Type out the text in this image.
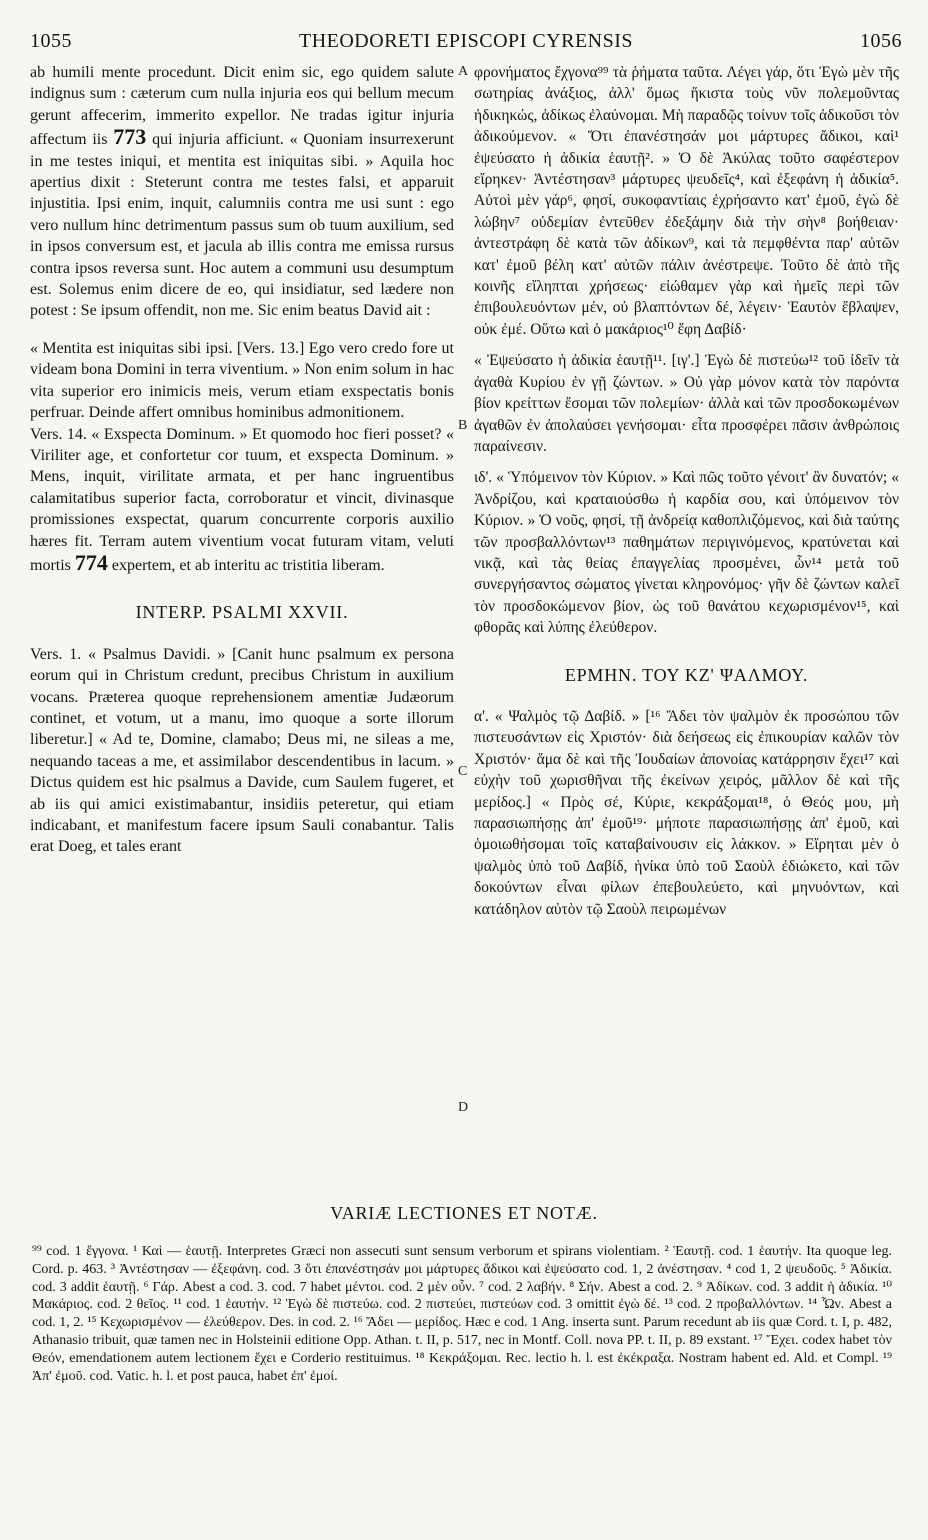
1055	THEODORETI EPISCOPI CYRENSIS	1056

ab humili mente procedunt. Dicit enim sic, ego quidem salute indignus sum : cæterum cum nulla injuria eos qui bellum mecum gerunt affecerim, immerito expellor. Ne tradas igitur injuria affectum iis 773 qui injuria afficiunt. « Quoniam insurrexerunt in me testes iniqui, et mentita est iniquitas sibi. » Aquila hoc apertius dixit : Steterunt contra me testes falsi, et apparuit injustitia. Ipsi enim, inquit, calumniis contra me usi sunt : ego vero nullum hinc detrimentum passus sum ob tuum auxilium, sed in ipsos conversum est, et jacula ab illis contra me emissa rursus contra ipsos reversa sunt. Hoc autem a communi usu desumptum est. Solemus enim dicere de eo, qui insidiatur, sed lædere non potest : Se ipsum offendit, non me. Sic enim beatus David ait :

« Mentita est iniquitas sibi ipsi. [Vers. 13.] Ego vero credo fore ut videam bona Domini in terra viventium. » Non enim solum in hac vita superior ero inimicis meis, verum etiam exspectatis bonis perfruar. Deinde affert omnibus hominibus admonitionem.

Vers. 14. « Exspecta Dominum. » Et quomodo hoc fieri posset? « Viriliter age, et confortetur cor tuum, et exspecta Dominum. » Mens, inquit, virilitate armata, et per hanc ingruentibus calamitatibus superior facta, corroboratur et vincit, divinasque promissiones exspectat, quarum concurrente corporis auxilio hæres fit. Terram autem viventium vocat futuram vitam, veluti mortis 774 expertem, et ab interitu ac tristitia liberam.

INTERP. PSALMI XXVII.

Vers. 1. « Psalmus Davidi. » [Canit hunc psalmum ex persona eorum qui in Christum credunt, precibus Christum in auxilium vocans. Præterea quoque reprehensionem amentiæ Judæorum continet, et votum, ut a manu, imo quoque a sorte illorum liberetur.] « Ad te, Domine, clamabo; Deus mi, ne sileas a me, nequando taceas a me, et assimilabor descendentibus in lacum. » Dictus quidem est hic psalmus a Davide, cum Saulem fugeret, et ab iis qui amici existimabantur, insidiis peteretur, qui etiam indicabant, et manifestum facere ipsum Sauli conabantur. Talis erat Doeg, et tales erant

A
B
C
D

φρονήματος ἔχγονα⁹⁹ τὰ ῥήματα ταῦτα. Λέγει γάρ, ὅτι Ἐγὼ μὲν τῆς σωτηρίας ἀνάξιος, ἀλλ' ὅμως ἥκιστα τοὺς νῦν πολεμοῦντας ἠδικηκώς, ἀδίκως ἐλαύνομαι. Μὴ παραδῷς τοίνυν τοῖς ἀδικοῦσι τὸν ἀδικούμενον. « Ὅτι ἐπανέστησάν μοι μάρτυρες ἄδικοι, καὶ¹ ἐψεύσατο ἡ ἀδικία ἑαυτῇ². » Ὁ δὲ Ἀκύλας τοῦτο σαφέστερον εἴρηκεν· Ἀντέστησαν³ μάρτυρες ψευδεῖς⁴, καὶ ἐξεφάνη ἡ ἀδικία⁵. Αὐτοὶ μὲν γάρ⁶, φησί, συκοφαντίαις ἐχρήσαντο κατ' ἐμοῦ, ἐγὼ δὲ λώβην⁷ οὐδεμίαν ἐντεῦθεν ἐδεξάμην διὰ τὴν σὴν⁸ βοήθειαν· ἀντεστράφη δὲ κατὰ τῶν ἀδίκων⁹, καὶ τὰ πεμφθέντα παρ' αὐτῶν κατ' ἐμοῦ βέλη κατ' αὐτῶν πάλιν ἀνέστρεψε. Τοῦτο δὲ ἀπὸ τῆς κοινῆς εἴληπται χρήσεως· εἰώθαμεν γὰρ καὶ ἡμεῖς περὶ τῶν ἐπιβουλευόντων μέν, οὐ βλαπτόντων δέ, λέγειν· Ἑαυτὸν ἔβλαψεν, οὐκ ἐμέ. Οὕτω καὶ ὁ μακάριος¹⁰ ἔφη Δαβίδ·

« Ἐψεύσατο ἡ ἀδικία ἑαυτῇ¹¹. [ιγ'.] Ἐγὼ δὲ πιστεύω¹² τοῦ ἰδεῖν τὰ ἀγαθὰ Κυρίου ἐν γῇ ζώντων. » Οὐ γὰρ μόνον κατὰ τὸν παρόντα βίον κρείττων ἔσομαι τῶν πολεμίων· ἀλλὰ καὶ τῶν προσδοκωμένων ἀγαθῶν ἐν ἀπολαύσει γενήσομαι· εἶτα προσφέρει πᾶσιν ἀνθρώποις παραίνεσιν.

ιδ'. « Ὑπόμεινον τὸν Κύριον. » Καὶ πῶς τοῦτο γένοιτ' ἂν δυνατόν; « Ἀνδρίζου, καὶ κραταιούσθω ἡ καρδία σου, καὶ ὑπόμεινον τὸν Κύριον. » Ὁ νοῦς, φησί, τῇ ἀνδρείᾳ καθοπλιζόμενος, καὶ διὰ ταύτης τῶν προσβαλλόντων¹³ παθημάτων περιγινόμενος, κρατύνεται καὶ νικᾷ, καὶ τὰς θείας ἐπαγγελίας προσμένει, ὧν¹⁴ μετὰ τοῦ συνεργήσαντος σώματος γίνεται κληρονόμος· γῆν δὲ ζώντων καλεῖ τὸν προσδοκώμενον βίον, ὡς τοῦ θανάτου κεχωρισμένον¹⁵, καὶ φθορᾶς καὶ λύπης ἐλεύθερον.

ΕΡΜΗΝ. ΤΟΥ ΚΖ' ΨΑΛΜΟΥ.

α'. « Ψαλμὸς τῷ Δαβίδ. » [¹⁶ Ἄδει τὸν ψαλμὸν ἐκ προσώπου τῶν πιστευσάντων εἰς Χριστόν· διὰ δεήσεως εἰς ἐπικουρίαν καλῶν τὸν Χριστόν· ἅμα δὲ καὶ τῆς Ἰουδαίων ἀπονοίας κατάρρησιν ἔχει¹⁷ καὶ εὐχὴν τοῦ χωρισθῆναι τῆς ἐκείνων χειρός, μᾶλλον δὲ καὶ τῆς μερίδος.] « Πρὸς σέ, Κύριε, κεκράξομαι¹⁸, ὁ Θεός μου, μὴ παρασιωπήσῃς ἀπ' ἐμοῦ¹⁹· μήποτε παρασιωπήσῃς ἀπ' ἐμοῦ, καὶ ὁμοιωθήσομαι τοῖς καταβαίνουσιν εἰς λάκκον. » Εἴρηται μὲν ὁ ψαλμὸς ὑπὸ τοῦ Δαβίδ, ἡνίκα ὑπὸ τοῦ Σαοὺλ ἐδιώκετο, καὶ τῶν δοκούντων εἶναι φίλων ἐπεβουλεύετο, καὶ μηνυόντων, καὶ κατάδηλον αὐτὸν τῷ Σαοὺλ πειρωμένων

VARIÆ LECTIONES ET NOTÆ.

⁹⁹ cod. 1 ἔγγονα. ¹ Καὶ — ἑαυτῇ. Interpretes Græci non assecuti sunt sensum verborum et spirans violentiam. ² Ἑαυτῇ. cod. 1 ἑαυτήν. Ita quoque leg. Cord. p. 463. ³ Ἀντέστησαν — ἐξεφάνη. cod. 3 ὅτι ἐπανέστησάν μοι μάρτυρες ἄδικοι καὶ ἐψεύσατο cod. 1, 2 ἀνέστησαν. ⁴ cod 1, 2 ψευδοῦς. ⁵ Ἀδικία. cod. 3 addit ἑαυτῇ. ⁶ Γάρ. Abest a cod. 3. cod. 7 habet μέντοι. cod. 2 μὲν οὖν. ⁷ cod. 2 λαβήν. ⁸ Σήν. Abest a cod. 2. ⁹ Ἀδίκων. cod. 3 addit ἡ ἀδικία. ¹⁰ Μακάριος. cod. 2 θεῖος. ¹¹ cod. 1 ἑαυτήν. ¹² Ἐγὼ δὲ πιστεύω. cod. 2 πιστεύει, πιστεύων cod. 3 omittit ἐγὼ δέ. ¹³ cod. 2 προβαλλόντων. ¹⁴ Ὧν. Abest a cod. 1, 2. ¹⁵ Κεχωρισμένον — ἐλεύθερον. Des. in cod. 2. ¹⁶ Ἄδει — μερίδος. Hæc e cod. 1 Ang. inserta sunt. Parum recedunt ab iis quæ Cord. t. I, p. 482, Athanasio tribuit, quæ tamen nec in Holsteinii editione Opp. Athan. t. II, p. 517, nec in Montf. Coll. nova PP. t. II, p. 89 exstant. ¹⁷ Ἔχει. codex habet τὸν Θεόν, emendationem autem lectionem ἔχει e Corderio restituimus. ¹⁸ Κεκράξομαι. Rec. lectio h. l. est ἐκέκραξα. Nostram habent ed. Ald. et Compl. ¹⁹ Ἀπ' ἐμοῦ. cod. Vatic. h. l. et post pauca, habet ἐπ' ἐμοί.
